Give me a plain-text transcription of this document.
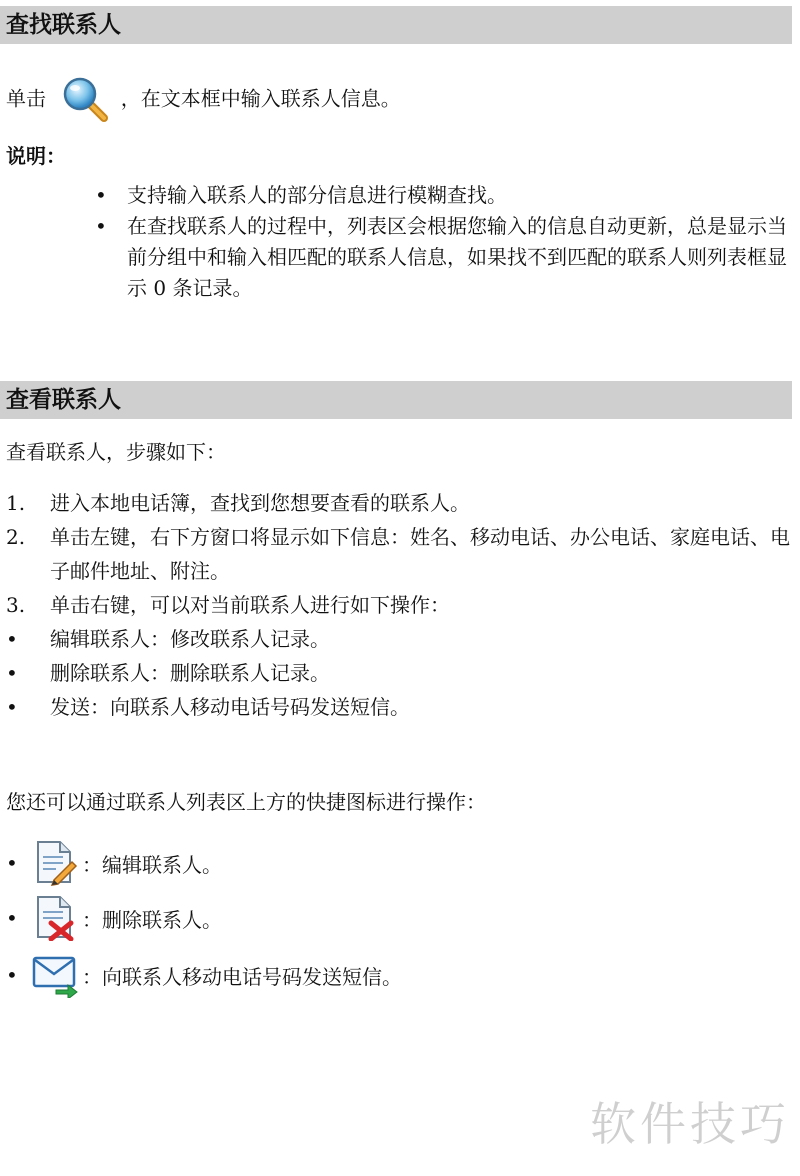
查找联系人
单击	，在文本框中输入联系人信息。
说明：
• 支持输入联系人的部分信息进行模糊查找。
• 在查找联系人的过程中，列表区会根据您输入的信息自动更新，总是显示当前分组中和输入相匹配的联系人信息，如果找不到匹配的联系人则列表框显示 0 条记录。
查看联系人
查看联系人，步骤如下：
1. 进入本地电话簿，查找到您想要查看的联系人。
2. 单击左键，右下方窗口将显示如下信息：姓名、移动电话、办公电话、家庭电话、电子邮件地址、附注。
3. 单击右键，可以对当前联系人进行如下操作：
• 编辑联系人：修改联系人记录。
• 删除联系人：删除联系人记录。
• 发送：向联系人移动电话号码发送短信。
您还可以通过联系人列表区上方的快捷图标进行操作：
•	：编辑联系人。
•	：删除联系人。
•	：向联系人移动电话号码发送短信。
软件技巧
